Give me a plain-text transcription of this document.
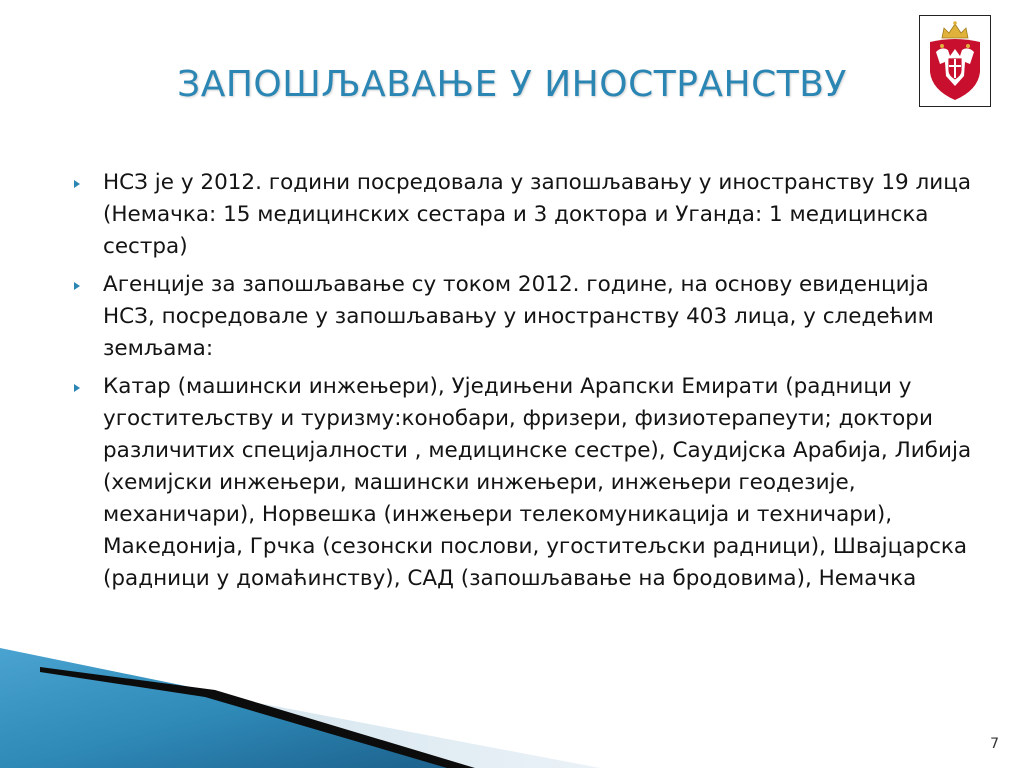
ЗАПОШЉАВАЊЕ У ИНОСТРАНСТВУ
НСЗ је у 2012. години посредовала у запошљавању у иностранству 19 лица (Немачка: 15 медицинских сестара и 3 доктора и Уганда: 1 медицинска сестра)
Агенције за запошљавање су током 2012. године, на основу евиденција НСЗ, посредовале у запошљавању у иностранству 403 лица, у следећим земљама:
Катар (машински инжењери), Уједињени Арапски Емирати (радници у угоститељству и туризму:конобари, фризери, физиотерапеути; доктори различитих специјалности , медицинске сестре), Саудијска Арабија, Либија (хемијски инжењери, машински инжењери, инжењери геодезије, механичари), Норвешка (инжењери телекомуникација и техничари), Македонија, Грчка (сезонски послови, угоститељски радници), Швајцарска (радници у домаћинству), САД (запошљавање на бродовима), Немачка
7
